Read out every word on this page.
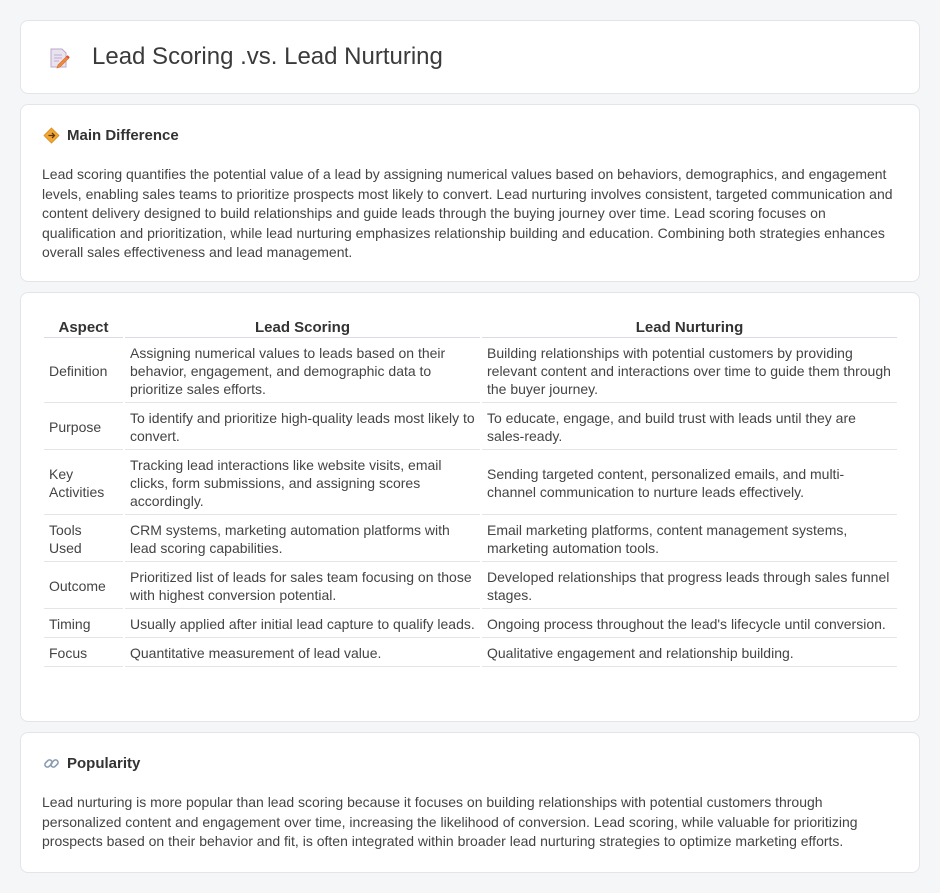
Lead Scoring .vs. Lead Nurturing
Main Difference

Lead scoring quantifies the potential value of a lead by assigning numerical values based on behaviors, demographics, and engagement levels, enabling sales teams to prioritize prospects most likely to convert. Lead nurturing involves consistent, targeted communication and content delivery designed to build relationships and guide leads through the buying journey over time. Lead scoring focuses on qualification and prioritization, while lead nurturing emphasizes relationship building and education. Combining both strategies enhances overall sales effectiveness and lead management.

Aspect	Lead Scoring	Lead Nurturing
Definition	Assigning numerical values to leads based on their behavior, engagement, and demographic data to prioritize sales efforts.	Building relationships with potential customers by providing relevant content and interactions over time to guide them through the buyer journey.
Purpose	To identify and prioritize high-quality leads most likely to convert.	To educate, engage, and build trust with leads until they are sales-ready.
Key Activities	Tracking lead interactions like website visits, email clicks, form submissions, and assigning scores accordingly.	Sending targeted content, personalized emails, and multi-channel communication to nurture leads effectively.
Tools Used	CRM systems, marketing automation platforms with lead scoring capabilities.	Email marketing platforms, content management systems, marketing automation tools.
Outcome	Prioritized list of leads for sales team focusing on those with highest conversion potential.	Developed relationships that progress leads through sales funnel stages.
Timing	Usually applied after initial lead capture to qualify leads.	Ongoing process throughout the lead's lifecycle until conversion.
Focus	Quantitative measurement of lead value.	Qualitative engagement and relationship building.
Popularity

Lead nurturing is more popular than lead scoring because it focuses on building relationships with potential customers through personalized content and engagement over time, increasing the likelihood of conversion. Lead scoring, while valuable for prioritizing prospects based on their behavior and fit, is often integrated within broader lead nurturing strategies to optimize marketing efforts.
